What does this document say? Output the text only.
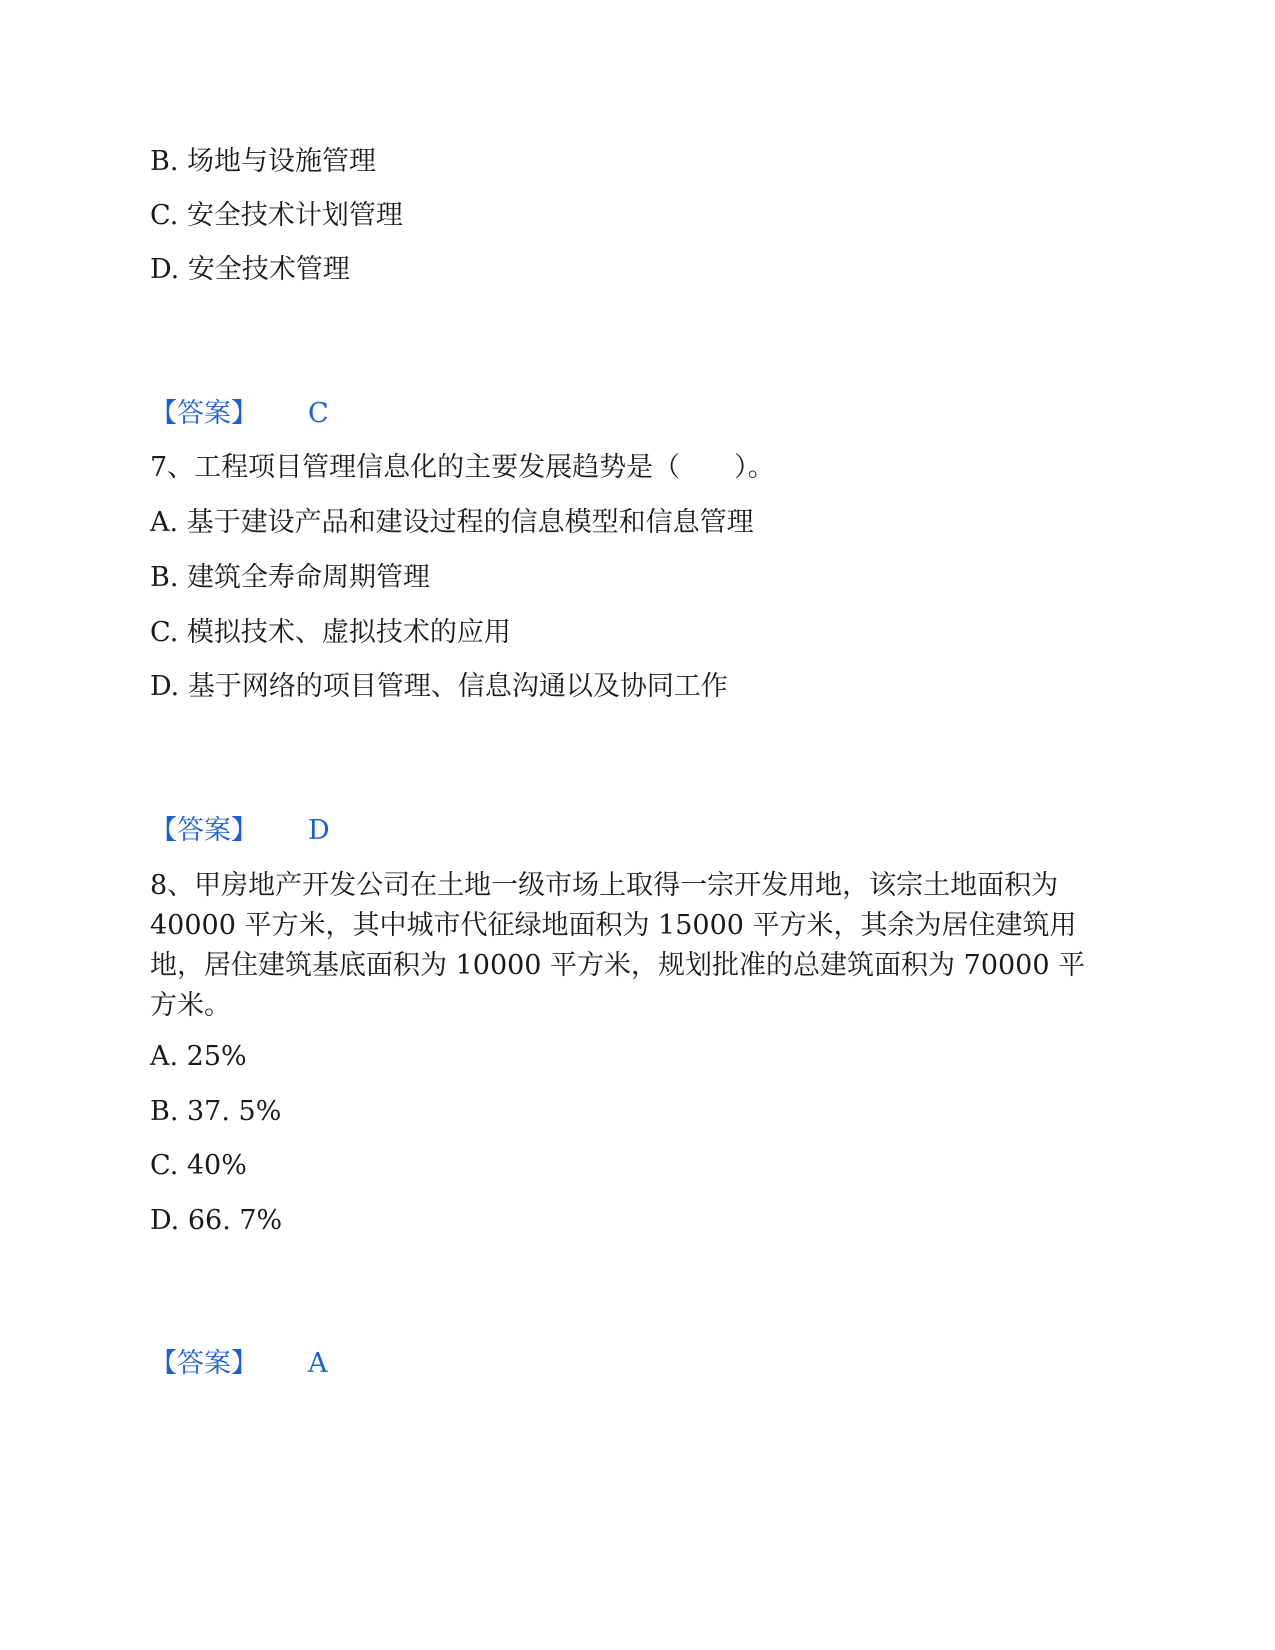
B. 场地与设施管理
C. 安全技术计划管理
D. 安全技术管理
【答案】 C
7、工程项目管理信息化的主要发展趋势是（　　）。
A. 基于建设产品和建设过程的信息模型和信息管理
B. 建筑全寿命周期管理
C. 模拟技术、虚拟技术的应用
D. 基于网络的项目管理、信息沟通以及协同工作
【答案】 D
8、甲房地产开发公司在土地一级市场上取得一宗开发用地，该宗土地面积为 40000 平方米，其中城市代征绿地面积为 15000 平方米，其余为居住建筑用地，居住建筑基底面积为 10000 平方米，规划批准的总建筑面积为 70000 平方米。
A. 25%
B. 37. 5%
C. 40%
D. 66. 7%
【答案】 A
